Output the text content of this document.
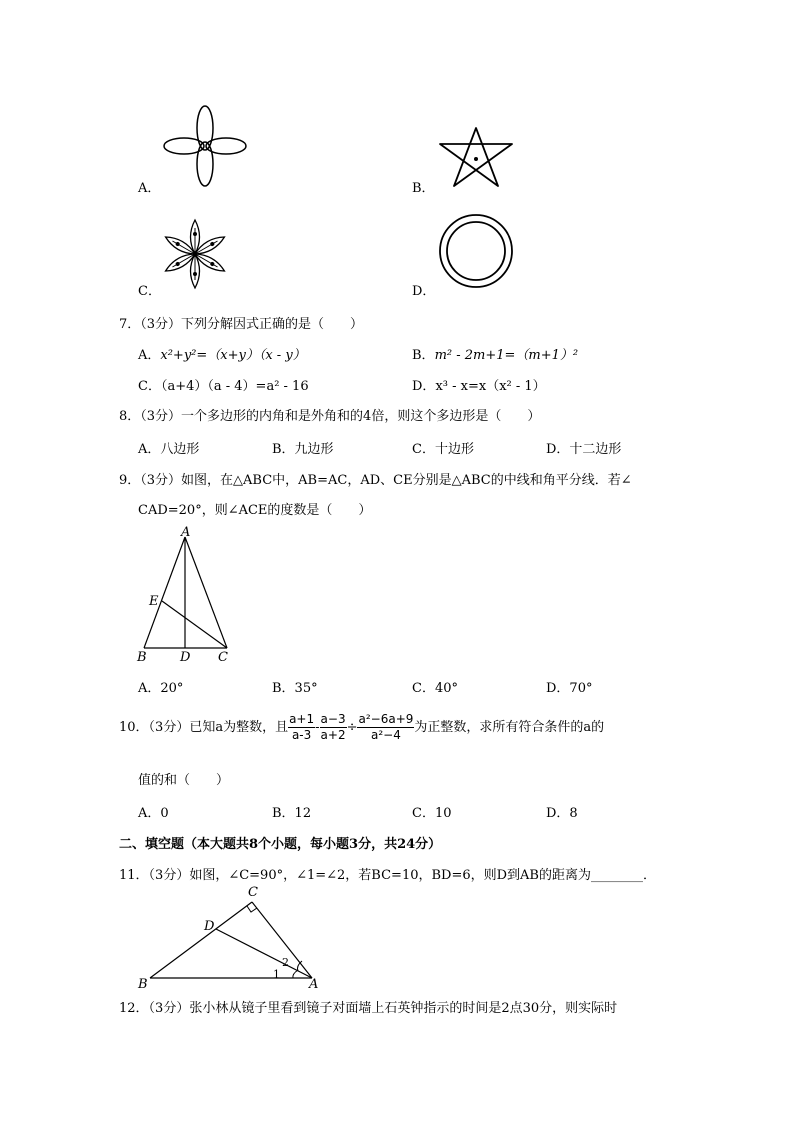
A．	B．
C．	D．
7．（3分）下列分解因式正确的是（　　）
A．x²+y²=（x+y）（x - y）	B．m² - 2m+1=（m+1）²
C．（a+4）（a - 4）=a² - 16	D．x³ - x=x（x² - 1）
8．（3分）一个多边形的内角和是外角和的4倍，则这个多边形是（　　）
A．八边形	B．九边形	C．十边形	D．十二边形
9．（3分）如图，在△ABC中，AB=AC，AD、CE分别是△ABC的中线和角平分线．若∠
CAD=20°，则∠ACE的度数是（　　）
A
E
B	D C
A．20°	B．35°	C．40°	D．70°
10．（3分）已知a为整数，且 $\frac{a+1}{a-3} - \frac{a-3}{a+2} \div \frac{\text{a²−6a+9}}{\text{a²−4}}$ 为正整数，求所有符合条件的a的
值的和（　　）
A．0	B．12	C．10	D．8
二、填空题（本大题共8个小题，每小题3分，共24分）
11．（3分）如图，∠C=90°，∠1=∠2，若BC=10，BD=6，则D到AB的距离为________．
C
D
B	A
2
1
12．（3分）张小林从镜子里看到镜子对面墙上石英钟指示的时间是2点30分，则实际时
